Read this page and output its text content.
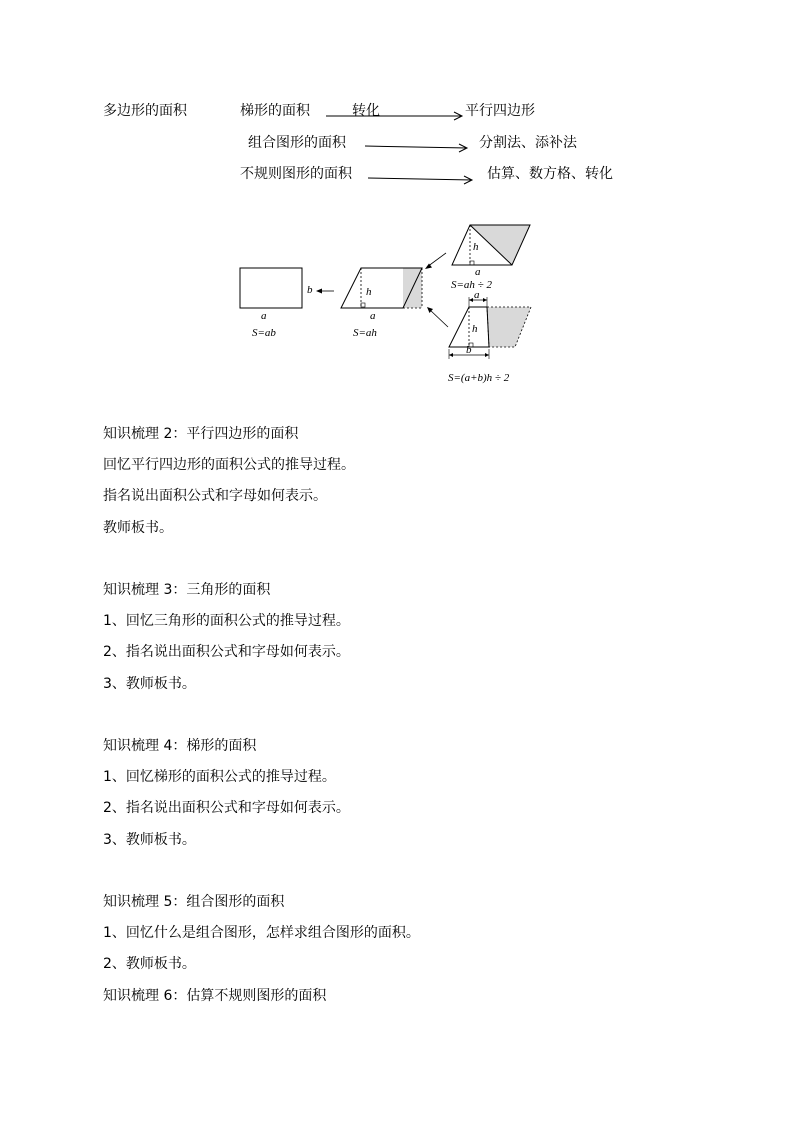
多边形的面积	梯形的面积	转化	平行四边形
组合图形的面积	分割法、添补法
不规则图形的面积	估算、数方格、转化
b
a
S=ab
h
a
S=ah
h
a
S=ah ÷ 2
a
h
b
S=(a+b)h ÷ 2
知识梳理 2：平行四边形的面积
回忆平行四边形的面积公式的推导过程。
指名说出面积公式和字母如何表示。
教师板书。
知识梳理 3：三角形的面积
1、回忆三角形的面积公式的推导过程。
2、指名说出面积公式和字母如何表示。
3、教师板书。
知识梳理 4：梯形的面积
1、回忆梯形的面积公式的推导过程。
2、指名说出面积公式和字母如何表示。
3、教师板书。
知识梳理 5：组合图形的面积
1、回忆什么是组合图形，怎样求组合图形的面积。
2、教师板书。
知识梳理 6：估算不规则图形的面积
